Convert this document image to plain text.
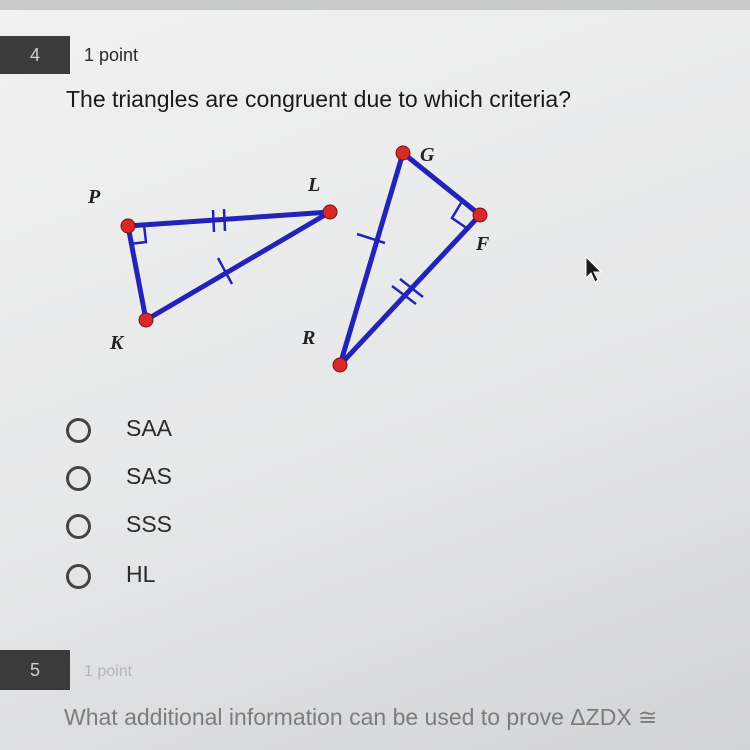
4	1 point
The triangles are congruent due to which criteria?
P
L
K
G
F
R
SAA
SAS
SSS
HL
5	1 point
What additional information can be used to prove ΔZDX ≅
